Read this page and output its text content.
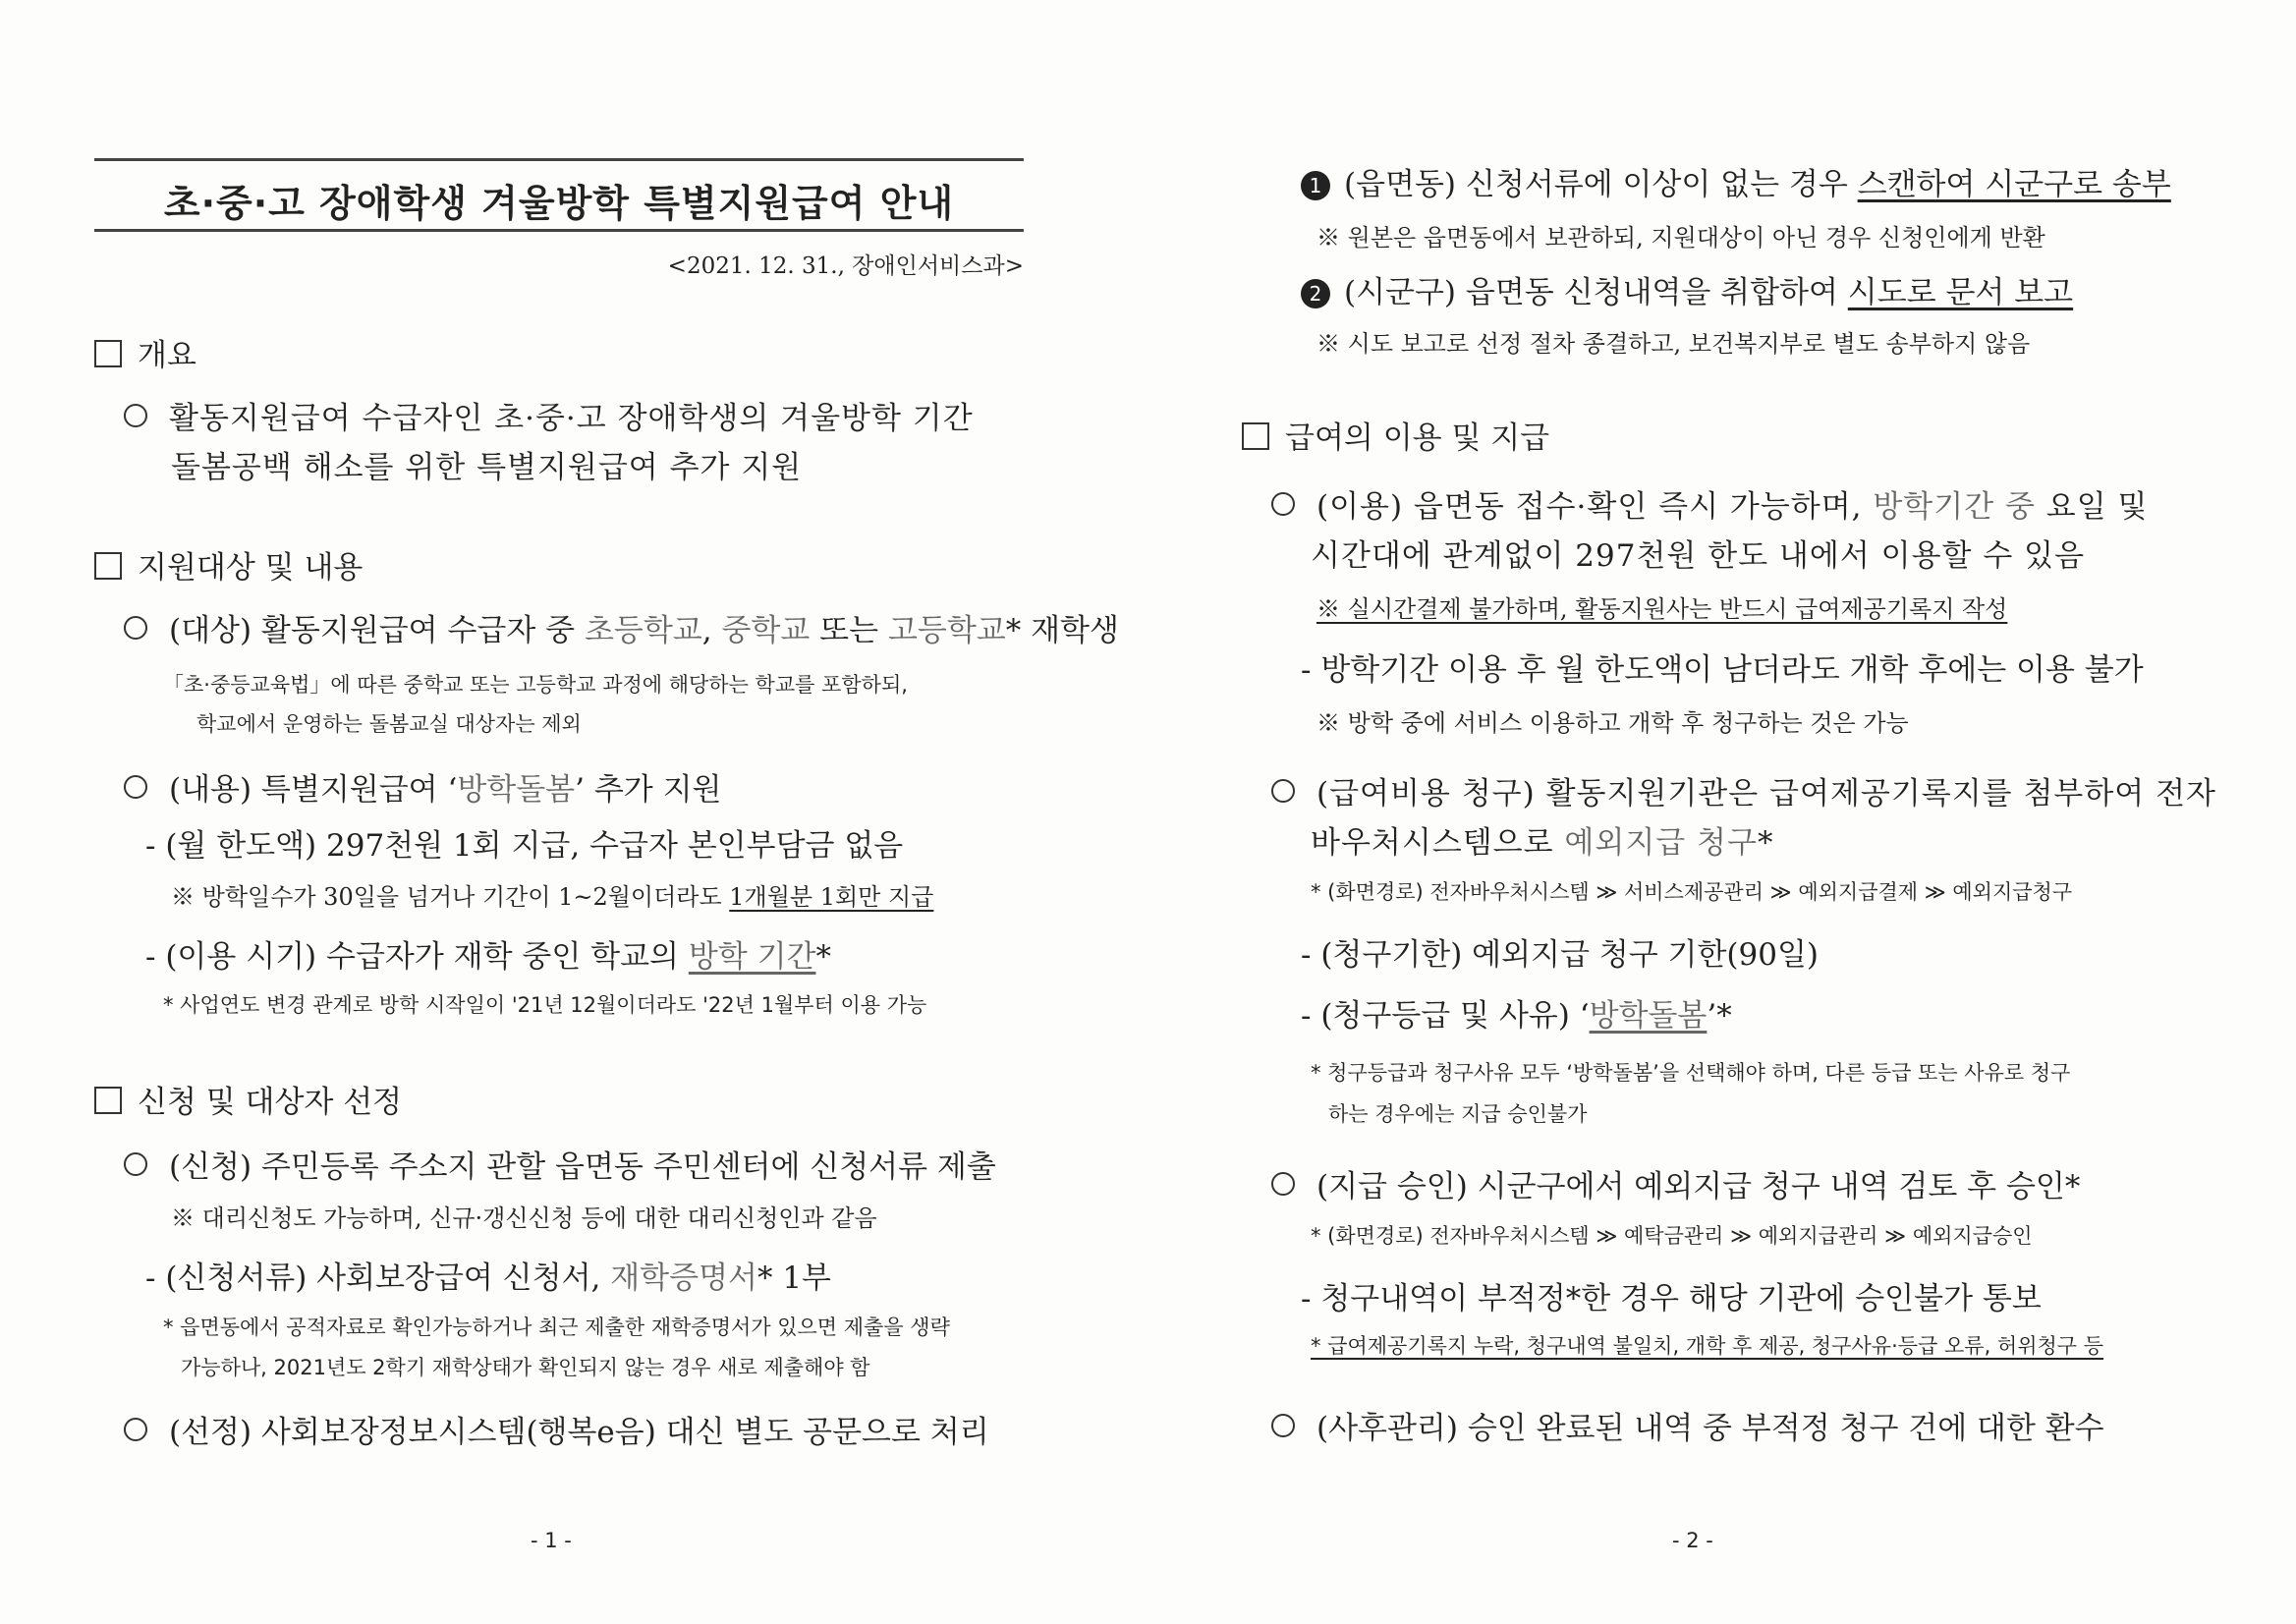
초·중·고 장애학생 겨울방학 특별지원급여 안내
<2021. 12. 31., 장애인서비스과>
개요
활동지원급여 수급자인 초·중·고 장애학생의 겨울방학 기간
돌봄공백 해소를 위한 특별지원급여 추가 지원
지원대상 및 내용
(대상) 활동지원급여 수급자 중 초등학교, 중학교 또는 고등학교* 재학생
「초·중등교육법」에 따른 중학교 또는 고등학교 과정에 해당하는 학교를 포함하되,
학교에서 운영하는 돌봄교실 대상자는 제외
(내용) 특별지원급여 ‘방학돌봄’ 추가 지원
- (월 한도액) 297천원 1회 지급, 수급자 본인부담금 없음
※ 방학일수가 30일을 넘거나 기간이 1~2월이더라도 1개월분 1회만 지급
- (이용 시기) 수급자가 재학 중인 학교의 방학 기간*
* 사업연도 변경 관계로 방학 시작일이 '21년 12월이더라도 '22년 1월부터 이용 가능
신청 및 대상자 선정
(신청) 주민등록 주소지 관할 읍면동 주민센터에 신청서류 제출
※ 대리신청도 가능하며, 신규·갱신신청 등에 대한 대리신청인과 같음
- (신청서류) 사회보장급여 신청서, 재학증명서* 1부
* 읍면동에서 공적자료로 확인가능하거나 최근 제출한 재학증명서가 있으면 제출을 생략
가능하나, 2021년도 2학기 재학상태가 확인되지 않는 경우 새로 제출해야 함
(선정) 사회보장정보시스템(행복e음) 대신 별도 공문으로 처리
- 1 -
1 (읍면동) 신청서류에 이상이 없는 경우 스캔하여 시군구로 송부
※ 원본은 읍면동에서 보관하되, 지원대상이 아닌 경우 신청인에게 반환
2 (시군구) 읍면동 신청내역을 취합하여 시도로 문서 보고
※ 시도 보고로 선정 절차 종결하고, 보건복지부로 별도 송부하지 않음
급여의 이용 및 지급
(이용) 읍면동 접수·확인 즉시 가능하며, 방학기간 중 요일 및
시간대에 관계없이 297천원 한도 내에서 이용할 수 있음
※ 실시간결제 불가하며, 활동지원사는 반드시 급여제공기록지 작성
- 방학기간 이용 후 월 한도액이 남더라도 개학 후에는 이용 불가
※ 방학 중에 서비스 이용하고 개학 후 청구하는 것은 가능
(급여비용 청구) 활동지원기관은 급여제공기록지를 첨부하여 전자
바우처시스템으로 예외지급 청구*
* (화면경로) 전자바우처시스템 ≫ 서비스제공관리 ≫ 예외지급결제 ≫ 예외지급청구
- (청구기한) 예외지급 청구 기한(90일)
- (청구등급 및 사유) ‘방학돌봄’*
* 청구등급과 청구사유 모두 ‘방학돌봄’을 선택해야 하며, 다른 등급 또는 사유로 청구
하는 경우에는 지급 승인불가
(지급 승인) 시군구에서 예외지급 청구 내역 검토 후 승인*
* (화면경로) 전자바우처시스템 ≫ 예탁금관리 ≫ 예외지급관리 ≫ 예외지급승인
- 청구내역이 부적정*한 경우 해당 기관에 승인불가 통보
* 급여제공기록지 누락, 청구내역 불일치, 개학 후 제공, 청구사유·등급 오류, 허위청구 등
(사후관리) 승인 완료된 내역 중 부적정 청구 건에 대한 환수
- 2 -
